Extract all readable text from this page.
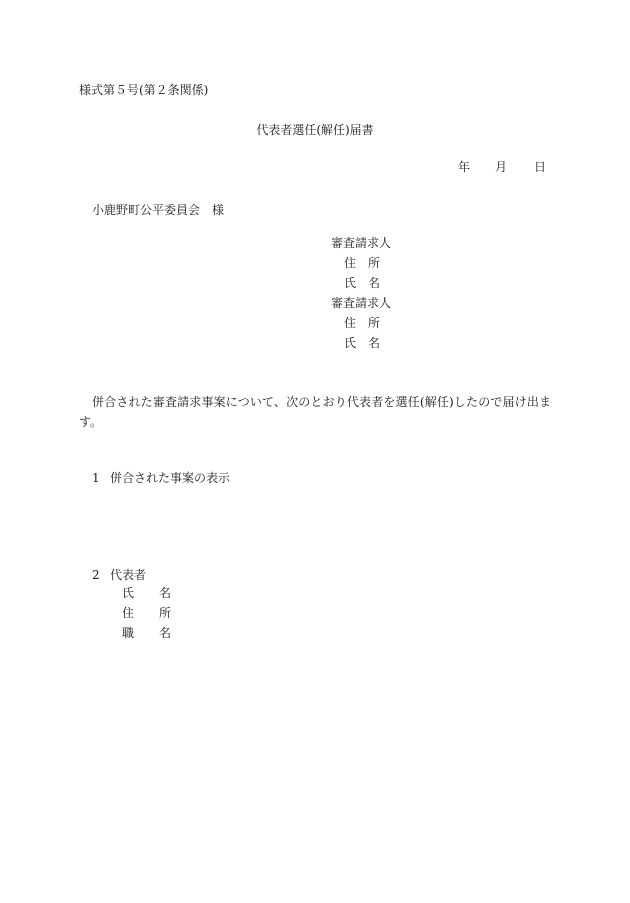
様式第５号(第２条関係)
代表者選任(解任)届書
年 月 日
小鹿野町公平委員会　様
審査請求人
住 所
氏 名
審査請求人
住 所
氏 名

併合された審査請求事案について、次のとおり代表者を選任(解任)したので届け出ます。

1 併合された事案の表示
2 代表者
氏 名
住 所
職 名
